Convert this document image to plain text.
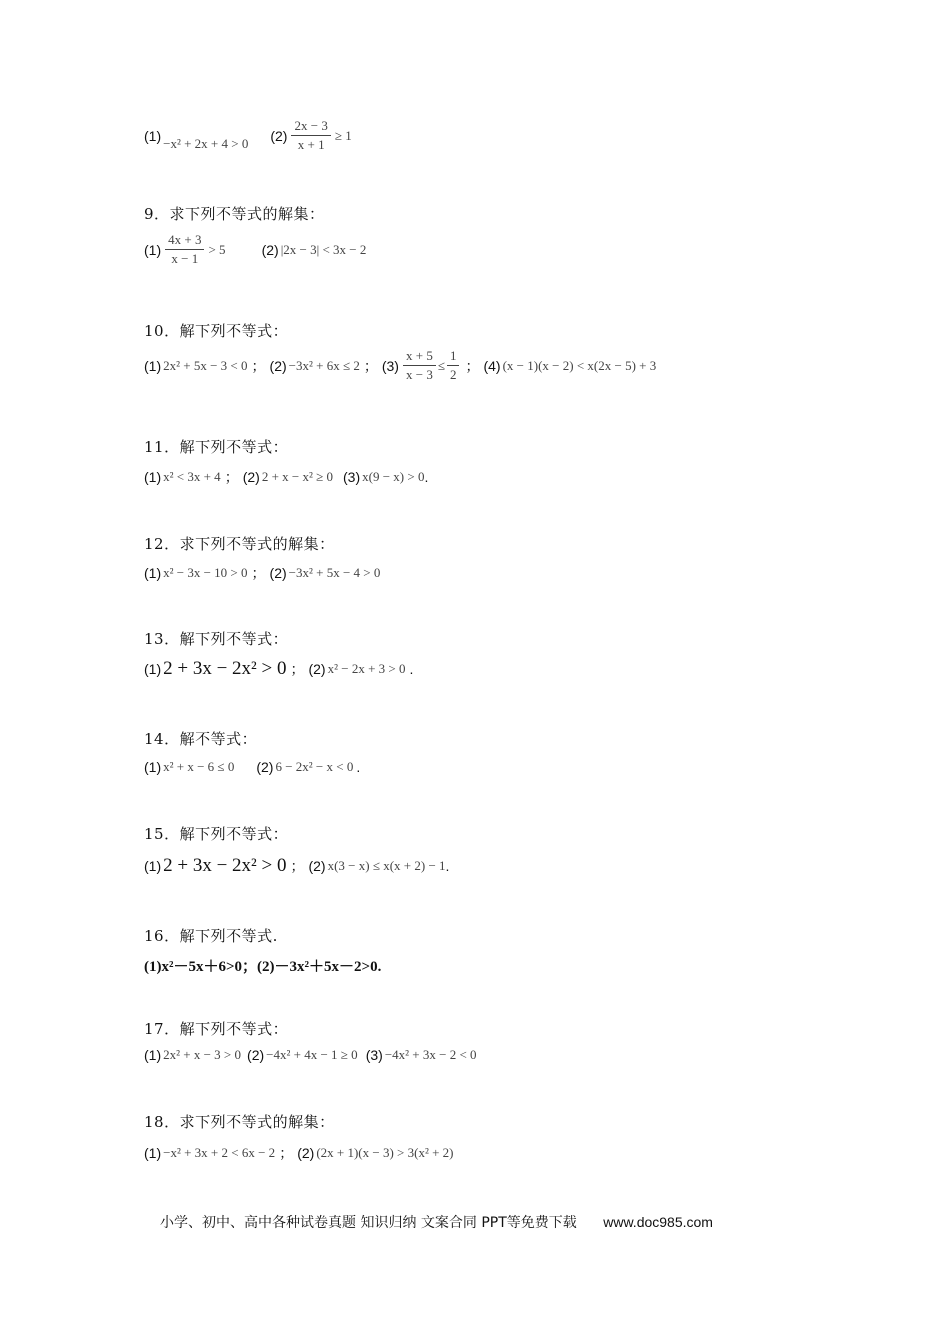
(1) −x² + 2x + 4 > 0 $(2) \frac{2x - 3}{x + 1} \ge 1$
9．求下列不等式的解集：
$(1) \frac{4x + 3}{x - 1} > 5$	(2) |2x − 3| < 3x − 2
10．解下列不等式：
(1) 2x² + 5x − 3 < 0 ； (2) −3x² + 6x ≤ 2 ； $(3) \frac{x + 5}{x - 3} \le \frac{1}{2}$ ； (4) (x − 1)(x − 2) < x(2x − 5) + 3
11．解下列不等式：
(1) x² < 3x + 4 ； (2) 2 + x − x² ≥ 0 (3) x(9 − x) > 0 .
12．求下列不等式的解集：
(1) x² − 3x − 10 > 0 ； (2) −3x² + 5x − 4 > 0
13．解下列不等式：
(1) 2 + 3x − 2x² > 0 ； (2) x² − 2x + 3 > 0 .
14．解不等式：
(1) x² + x − 6 ≤ 0 (2) 6 − 2x² − x < 0 .
15．解下列不等式：
(1) 2 + 3x − 2x² > 0 ； (2) x(3 − x) ≤ x(x + 2) − 1 .
16．解下列不等式.
(1)x²－5x＋6>0；(2)－3x²＋5x－2>0.
17．解下列不等式：
(1) 2x² + x − 3 > 0 (2) −4x² + 4x − 1 ≥ 0 (3) −4x² + 3x − 2 < 0
18．求下列不等式的解集：
(1) −x² + 3x + 2 < 6x − 2 ； (2) (2x + 1)(x − 3) > 3(x² + 2)
小学、初中、高中各种试卷真题 知识归纳 文案合同 PPT等免费下载 www.doc985.com
